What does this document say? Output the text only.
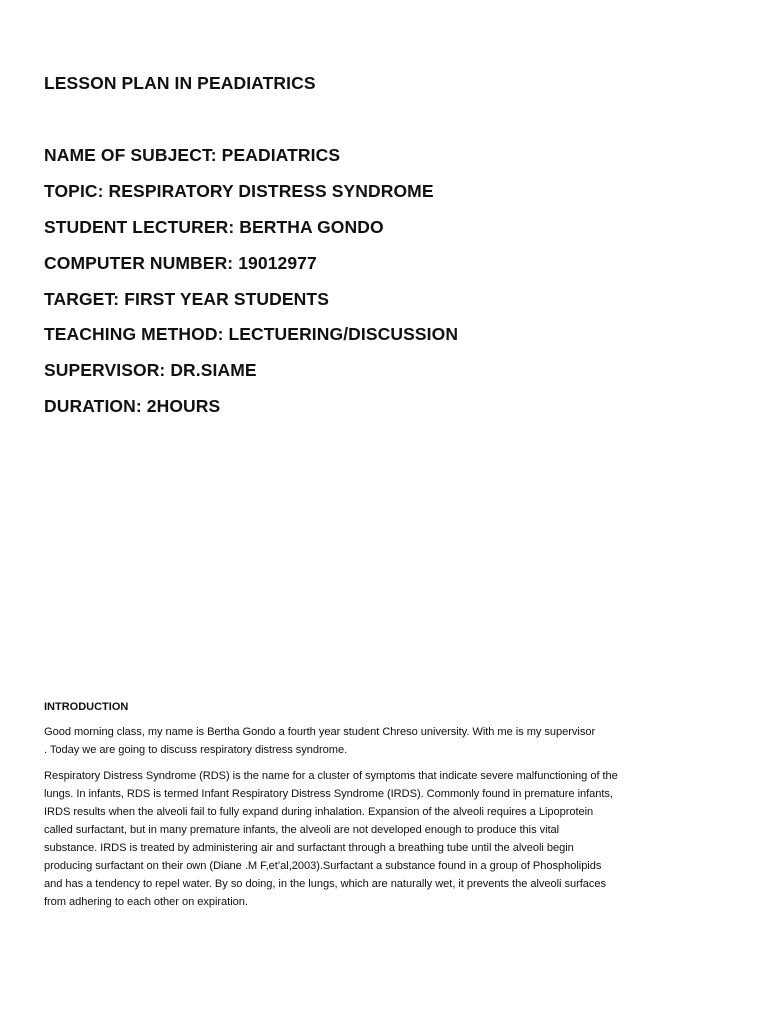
LESSON PLAN IN PEADIATRICS
NAME OF SUBJECT: PEADIATRICS
TOPIC: RESPIRATORY DISTRESS SYNDROME
STUDENT LECTURER: BERTHA GONDO
COMPUTER NUMBER: 19012977
TARGET: FIRST YEAR STUDENTS
TEACHING METHOD: LECTUERING/DISCUSSION
SUPERVISOR: DR.SIAME
DURATION: 2HOURS
INTRODUCTION

Good morning class, my name is Bertha Gondo a fourth year student Chreso university. With me is my supervisor
. Today we are going to discuss respiratory distress syndrome.

Respiratory Distress Syndrome (RDS) is the name for a cluster of symptoms that indicate severe malfunctioning of the
lungs. In infants, RDS is termed Infant Respiratory Distress Syndrome (IRDS). Commonly found in premature infants,
IRDS results when the alveoli fail to fully expand during inhalation. Expansion of the alveoli requires a Lipoprotein
called surfactant, but in many premature infants, the alveoli are not developed enough to produce this vital
substance. IRDS is treated by administering air and surfactant through a breathing tube until the alveoli begin
producing surfactant on their own (Diane .M F,et’al,2003).Surfactant a substance found in a group of Phospholipids
and has a tendency to repel water. By so doing, in the lungs, which are naturally wet, it prevents the alveoli surfaces
from adhering to each other on expiration.
